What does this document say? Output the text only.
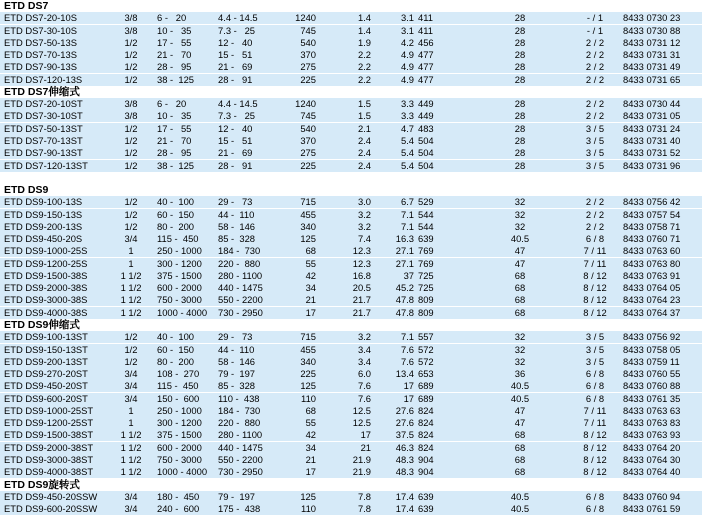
ETD DS7
ETD DS7-20-10S	3/8	6 -   20	4.4 - 14.5	1240	1.4	3.1 411	28	- / 1	8433 0730 23
ETD DS7-30-10S	3/8	10 -   35	7.3 -   25	745	1.4	3.1 411	28	- / 1	8433 0730 88
ETD DS7-50-13S	1/2	17 -   55	12 -   40	540	1.9	4.2 456	28	2 / 2	8433 0731 12
ETD DS7-70-13S	1/2	21 -   70	15 -   51	370	2.2	4.9 477	28	2 / 2	8433 0731 31
ETD DS7-90-13S	1/2	28 -   95	21 -   69	275	2.2	4.9 477	28	2 / 2	8433 0731 49
ETD DS7-120-13S	1/2	38 -  125	28 -   91	225	2.2	4.9 477	28	2 / 2	8433 0731 65
ETD DS7伸缩式
ETD DS7-20-10ST	3/8	6 -   20	4.4 - 14.5	1240	1.5	3.3 449	28	2 / 2	8433 0730 44
ETD DS7-30-10ST	3/8	10 -   35	7.3 -   25	745	1.5	3.3 449	28	2 / 2	8433 0731 05
ETD DS7-50-13ST	1/2	17 -   55	12 -   40	540	2.1	4.7 483	28	3 / 5	8433 0731 24
ETD DS7-70-13ST	1/2	21 -   70	15 -   51	370	2.4	5.4 504	28	3 / 5	8433 0731 40
ETD DS7-90-13ST	1/2	28 -   95	21 -   69	275	2.4	5.4 504	28	3 / 5	8433 0731 52
ETD DS7-120-13ST	1/2	38 -  125	28 -   91	225	2.4	5.4 504	28	3 / 5	8433 0731 96
ETD DS9
ETD DS9-100-13S	1/2	40 -  100	29 -   73	715	3.0	6.7 529	32	2 / 2	8433 0756 42
ETD DS9-150-13S	1/2	60 -  150	44 -  110	455	3.2	7.1 544	32	2 / 2	8433 0757 54
ETD DS9-200-13S	1/2	80 -  200	58 -  146	340	3.2	7.1 544	32	2 / 2	8433 0758 71
ETD DS9-450-20S	3/4	115 -  450	85 -  328	125	7.4	16.3 639	40.5	6 / 8	8433 0760 71
ETD DS9-1000-25S	1	250 - 1000	184 -  730	68	12.3	27.1 769	47	7 / 11	8433 0763 60
ETD DS9-1200-25S	1	300 - 1200	220 -  880	55	12.3	27.1 769	47	7 / 11	8433 0763 80
ETD DS9-1500-38S	1 1/2	375 - 1500	280 - 1100	42	16.8	37 725	68	8 / 12	8433 0763 91
ETD DS9-2000-38S	1 1/2	600 - 2000	440 - 1475	34	20.5	45.2 725	68	8 / 12	8433 0764 05
ETD DS9-3000-38S	1 1/2	750 - 3000	550 - 2200	21	21.7	47.8 809	68	8 / 12	8433 0764 23
ETD DS9-4000-38S	1 1/2	1000 - 4000	730 - 2950	17	21.7	47.8 809	68	8 / 12	8433 0764 37
ETD DS9伸缩式
ETD DS9-100-13ST	1/2	40 -  100	29 -   73	715	3.2	7.1 557	32	3 / 5	8433 0756 92
ETD DS9-150-13ST	1/2	60 -  150	44 -  110	455	3.4	7.6 572	32	3 / 5	8433 0758 05
ETD DS9-200-13ST	1/2	80 -  200	58 -  146	340	3.4	7.6 572	32	3 / 5	8433 0759 11
ETD DS9-270-20ST	3/4	108 -  270	79 -  197	225	6.0	13.4 653	36	6 / 8	8433 0760 55
ETD DS9-450-20ST	3/4	115 -  450	85 -  328	125	7.6	17 689	40.5	6 / 8	8433 0760 88
ETD DS9-600-20ST	3/4	150 -  600	110 -  438	110	7.6	17 689	40.5	6 / 8	8433 0761 35
ETD DS9-1000-25ST	1	250 - 1000	184 -  730	68	12.5	27.6 824	47	7 / 11	8433 0763 63
ETD DS9-1200-25ST	1	300 - 1200	220 -  880	55	12.5	27.6 824	47	7 / 11	8433 0763 83
ETD DS9-1500-38ST	1 1/2	375 - 1500	280 - 1100	42	17	37.5 824	68	8 / 12	8433 0763 93
ETD DS9-2000-38ST	1 1/2	600 - 2000	440 - 1475	34	21	46.3 824	68	8 / 12	8433 0764 20
ETD DS9-3000-38ST	1 1/2	750 - 3000	550 - 2200	21	21.9	48.3 904	68	8 / 12	8433 0764 30
ETD DS9-4000-38ST	1 1/2	1000 - 4000	730 - 2950	17	21.9	48.3 904	68	8 / 12	8433 0764 40
ETD DS9旋转式
ETD DS9-450-20SSW	3/4	180 -  450	79 -  197	125	7.8	17.4 639	40.5	6 / 8	8433 0760 94
ETD DS9-600-20SSW	3/4	240 -  600	175 -  438	110	7.8	17.4 639	40.5	6 / 8	8433 0761 59
